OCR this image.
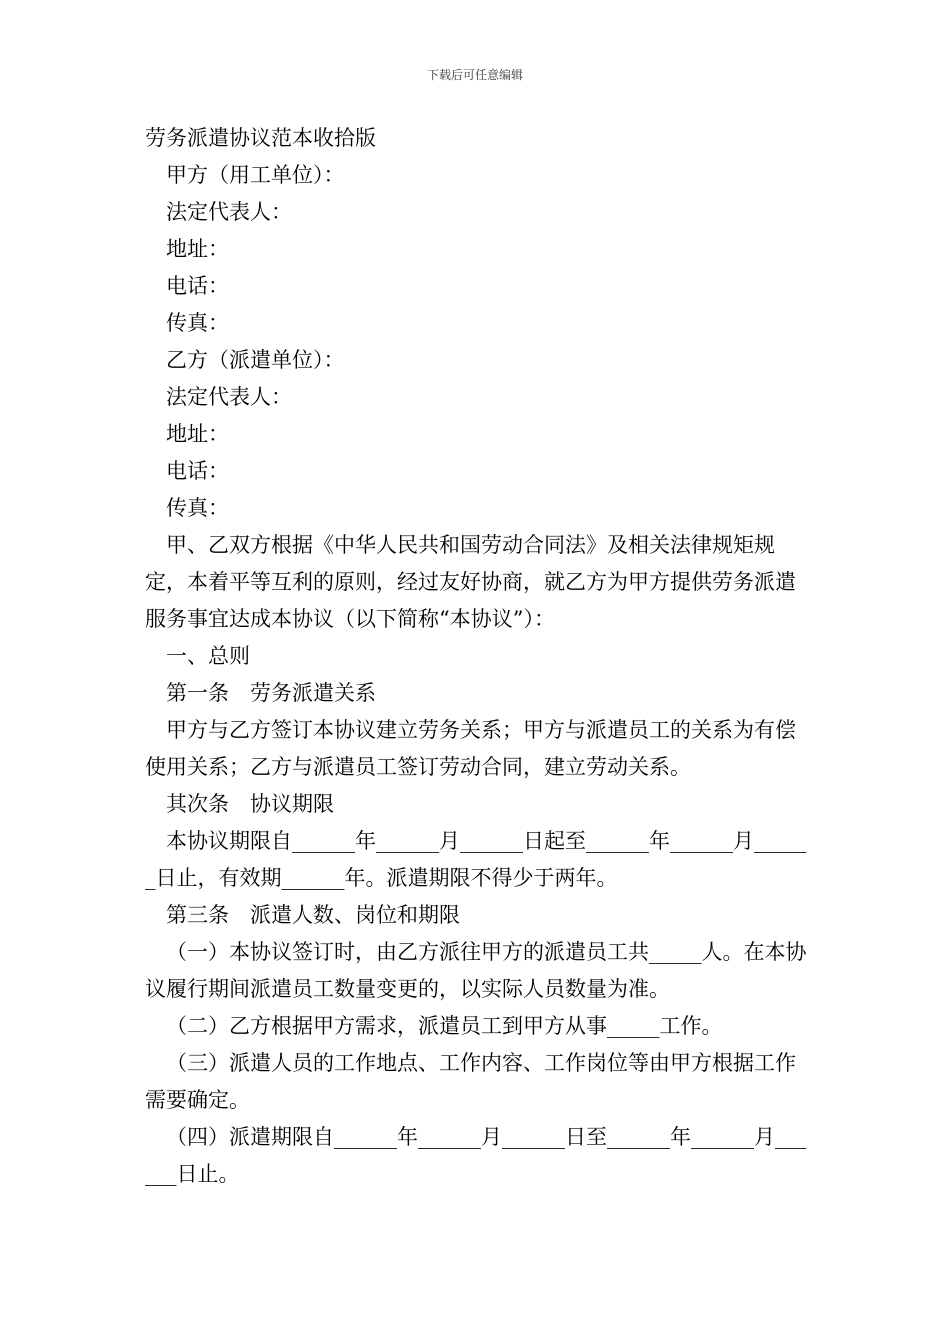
下载后可任意编辑

劳务派遣协议范本收拾版

甲方（用工单位）：

法定代表人：

地址：

电话：

传真：

乙方（派遣单位）：

法定代表人：

地址：

电话：

传真：

甲、乙双方根据《中华人民共和国劳动合同法》及相关法律规矩规定，本着平等互利的原则，经过友好协商，就乙方为甲方提供劳务派遣服务事宜达成本协议（以下简称“本协议”）：

一、总则

第一条　劳务派遣关系

甲方与乙方签订本协议建立劳务关系；甲方与派遣员工的关系为有偿使用关系；乙方与派遣员工签订劳动合同，建立劳动关系。

其次条　协议期限

本协议期限自______年______月______日起至______年______月______日止，有效期______年。派遣期限不得少于两年。

第三条　派遣人数、岗位和期限

（一）本协议签订时，由乙方派往甲方的派遣员工共_____人。在本协议履行期间派遣员工数量变更的，以实际人员数量为准。

（二）乙方根据甲方需求，派遣员工到甲方从事_____工作。

（三）派遣人员的工作地点、工作内容、工作岗位等由甲方根据工作需要确定。

（四）派遣期限自______年______月______日至______年______月______日止。
